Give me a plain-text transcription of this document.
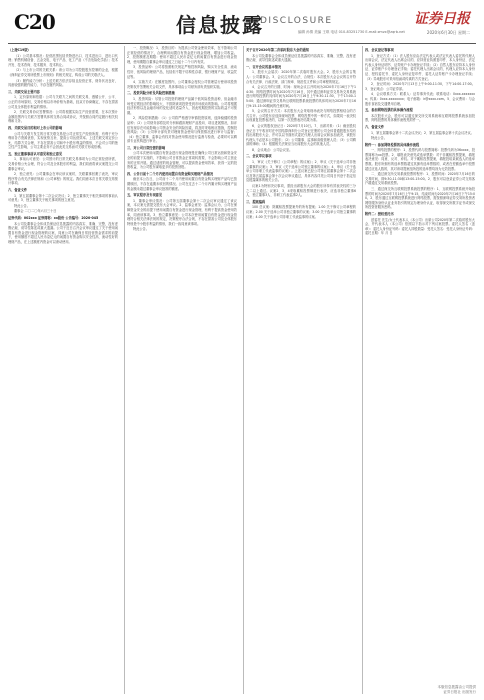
C20	信息披露
DISCLOSURE	证券日报
编辑 孙倩 美编 王琪 电话 010-83251730 E-mail:zmzx@zqrb.net	2020年6月30日 星期二

（上接C19版）

（1）公司基本情况：经营范围包括货物进出口、技术进出口、进出口代理；销售机械设备、五金交电、电子产品、化工产品（不含危险化学品）；技术开发、技术咨询、技术服务、技术转让。

（2）与上市公司的关联关系：该公司为公司控股股东控制的企业，根据《深圳证券交易所股票上市规则》的相关规定，构成公司的关联法人。

（3）履约能力分析：上述关联方依法存续且经营正常，财务状况良好，具备较强的履约能力，不存在履约风险。

三、关联交易主要内容

1、定价原则和依据：公司与关联方之间的关联交易，遵循公开、公平、公正的市场原则，交易价格以市场价格为基础，经双方协商确定，不存在损害公司及全体股东利益的情形。

2、关联交易协议签署情况：公司将根据实际生产经营需要，在本次预计金额范围内与关联方签署具体的交易合同或协议，并按照合同约定履行相关权利和义务。

四、关联交易目的和对上市公司的影响

公司与关联方发生的日常关联交易是公司正常生产经营所需，有利于充分利用各方资源优势，实现优势互补，提高公司运营效率。上述关联交易定价公允，结算方式合理，不存在损害公司和中小股东利益的情形，不会对公司的独立性产生影响，公司主要业务不会因此类交易而对关联方形成依赖。

五、独立董事事前认可意见和独立意见

1、事前认可意见：公司预计的日常关联交易事项为公司正常经营所需，交易价格公允合理，符合公司及全体股东的利益，我们同意将该议案提交公司董事会审议。

2、独立意见：公司董事会在审议该议案时，关联董事回避了表决，审议程序符合有关法律法规和《公司章程》的规定。我们同意本次日常关联交易预计事项。

六、备查文件

1、第五届董事会第十二次会议决议；2、独立董事关于相关事项的事前认可意见；3、独立董事关于相关事项的独立意见。

特此公告。

董事会 二〇二〇年六月三十日

证券代码：002xxx 证券简称：xx股份 公告编号：2020-045

本公司及董事会全体成员保证信息披露的内容真实、准确、完整，没有虚假记载、误导性陈述或重大遗漏。公司于近日召开会议审议通过了关于使用闲置自有资金进行现金管理的议案，同意公司在确保日常经营资金需求的前提下，使用额度不超过人民币壹亿元的闲置自有资金购买安全性高、流动性好的理财产品，在上述额度内资金可以滚动使用。

一、投资概况：1、投资目的：为提高公司资金使用效率，在不影响公司正常经营的情况下，合理利用闲置自有资金进行现金管理，增加公司收益。2、投资额度及期限：使用不超过人民币壹亿元的闲置自有资金进行现金管理，使用期限自董事会审议通过之日起十二个月内有效。

3、投资品种：公司将按照相关规定严格控制风险，购买安全性高、流动性好、低风险的理财产品，包括但不限于结构性存款、银行理财产品、收益凭证等。

4、实施方式：在额度范围内，公司董事会授权公司管理层行使该项投资决策权并签署相关合同文件，具体事项由公司财务部负责组织实施。

二、投资风险分析及风险控制措施

1、投资风险：尽管公司投资的理财产品属于低风险投资品种，但金融市场受宏观经济的影响较大，不排除该项投资受到市场波动的影响。公司将根据经济形势以及金融市场的变化适时适量介入，因此短期投资的实际收益不可预期。

2、风险控制措施：（1）公司将严格遵守审慎投资原则，选择稳健的投资品种；（2）公司财务部将及时分析和跟踪理财产品投向、项目进展情况，如评估发现存在可能影响公司资金安全的风险因素，将及时采取相应措施，控制投资风险；（3）公司审计部负责对理财资金使用与保管情况进行审计与监督；（4）独立董事、监事会有权对资金使用情况进行监督与检查，必要时可以聘请专业机构进行审计。

三、对公司日常经营的影响

公司本次使用闲置自有资金进行现金管理是在确保公司日常运营和资金安全的前提下实施的，不影响公司日常资金正常周转需要，不会影响公司主营业务的正常开展。通过适度的现金管理，可以提高资金使用效率，获得一定的投资收益，为公司股东谋取更多的投资回报。

四、公告日前十二个月内使用闲置自有资金购买理财产品情况

截至本公告日，公司前十二个月内使用闲置自有资金购买理财产品均已按期赎回，不存在逾期未收回的情况。公司在过去十二个月内累计购买理财产品的金额未超过董事会审议批准的额度。

五、审议程序及专项意见

1、董事会审议情况：公司第五届董事会第十二次会议审议通过了该议案，本议案无需提交股东大会审议。2、监事会意见：监事会认为，公司在保障资金安全的前提下使用闲置自有资金进行现金管理，有利于提高资金使用效率，同意该事项。3、独立董事意见：公司本次使用闲置自有资金进行现金管理符合相关法律法规的规定，决策程序合法合规，不存在损害公司及全体股东特别是中小股东利益的情形，我们一致同意该事项。

特此公告。

关于召开2020年第二次临时股东大会的通知

本公司及董事会全体成员保证信息披露的内容真实、准确、完整，没有虚假记载、误导性陈述或重大遗漏。

一、召开会议的基本情况

1、股东大会届次：2020年第二次临时股东大会。2、股东大会的召集人：公司董事会。3、会议召开的合法、合规性：本次股东大会会议的召开符合有关法律、行政法规、部门规章、规范性文件和公司章程的规定。

4、会议召开的日期、时间：现场会议召开时间为2020年7月16日下午14:30；网络投票时间为2020年7月16日，其中通过深圳证券交易所交易系统进行网络投票的具体时间为2020年7月16日上午9:30-11:30，下午13:00-15:00；通过深圳证券交易所互联网投票系统投票的具体时间为2020年7月16日9:15-15:00期间的任意时间。

5、会议的召开方式：本次股东大会采取现场表决与网络投票相结合的方式召开。公司股东应选择现场投票、网络投票中的一种方式，如果同一表决权出现重复投票表决的，以第一次投票表决结果为准。

6、会议的股权登记日：2020年7月10日。7、出席对象：（1）截至股权登记日下午收市时在中国结算深圳分公司登记在册的公司全体普通股股东均有权出席股东大会，并可以以书面形式委托代理人出席会议和参加表决，该股东代理人不必是本公司股东；（2）公司董事、监事和高级管理人员；（3）公司聘请的律师；（4）根据相关法规应当出席股东大会的其他人员。

8、会议地点：公司会议室。

二、会议审议事项

1、审议《关于修订〈公司章程〉的议案》；2、审议《关于选举公司非独立董事的议案》；3、审议《关于选举公司独立董事的议案》；4、审议《关于选举公司非职工代表监事的议案》。上述议案已经公司第五届董事会第十二次会议及第五届监事会第十次会议审议通过，具体内容详见公司同日刊登于指定信息披露媒体的相关公告。

议案1为特别决议事项，需经出席股东大会的股东所持有效表决权的三分之二以上通过。议案2、3、4采取累积投票制进行表决，应选非独立董事6人、独立董事3人、非职工代表监事2人。

三、提案编码

100 总议案：除累积投票提案外的所有提案；1.00 关于修订公司章程的议案；2.00 关于选举公司非独立董事的议案；3.00 关于选举公司独立董事的议案；4.00 关于选举公司非职工代表监事的议案。

四、会议登记等事项

1、登记方式：（1）法人股东应由法定代表人或法定代表人委托的代理人出席会议，法定代表人出席会议的，应持营业执照复印件、本人身份证、法定代表人身份证明书、证券账户卡办理登记手续；（2）自然人股东应持本人身份证、证券账户卡办理登记手续；委托代理人出席会议的，代理人应持本人身份证、授权委托书、委托人身份证复印件、委托人证券账户卡办理登记手续；（3）异地股东可采用信函或传真的方式登记。

2、登记时间：2020年7月13日上午9:00-11:30，下午14:00-17:00。3、登记地点：公司证券部。

4、会议联系方式：联系人：证券事务代表；联系电话：0xxx-xxxxxxxx；传真：0xxx-xxxxxxxx；电子邮箱：ir@xxxx.com。5、会议费用：与会股东食宿及交通费用自理。

五、参加网络投票的具体操作流程

本次股东大会，股东可以通过深交所交易系统和互联网投票系统参加投票，网络投票的具体操作流程见附件一。

六、备查文件

1、第五届董事会第十二次会议决议；2、第五届监事会第十次会议决议。

特此公告。

附件一：参加网络投票的具体操作流程

一、网络投票的程序：1、投票代码与投票简称：投票代码为36xxxx，投票简称为xx投票。2、填报表决意见或选举票数：对于非累积投票提案，填报表决意见：同意、反对、弃权。对于累积投票提案，填报投给某候选人的选举票数。股东所拥有的选举票数超过其拥有选举票数的，或者在差额选举中投票超过应选人数的，其对该项提案组所投的选举票均视为无效投票。

二、通过深交所交易系统投票的程序：1、投票时间：2020年7月16日的交易时间，即9:30-11:30和13:00-15:00。2、股东可以登录证券公司交易客户端通过交易系统投票。

三、通过深交所互联网投票系统投票的程序：1、互联网投票系统开始投票的时间为2020年7月16日上午9:15，结束时间为2020年7月16日下午15:00。2、股东通过互联网投票系统进行网络投票，需按照深圳证券交易所投资者网络服务身份认证业务指引的规定办理身份认证，取得深交所数字证书或深交所投资者服务密码。

附件二：授权委托书

兹委托 先生/女士代表本人（本公司）出席公司2020年第二次临时股东大会，并代表本人（本公司）依照以下指示对下列议案投票。委托人签名（盖章）：委托人身份证号码：委托人持股数量：受托人签名：受托人身份证号码：委托日期：年 月 日

本版信息披露由公司提供
证券日报社 出版发行
